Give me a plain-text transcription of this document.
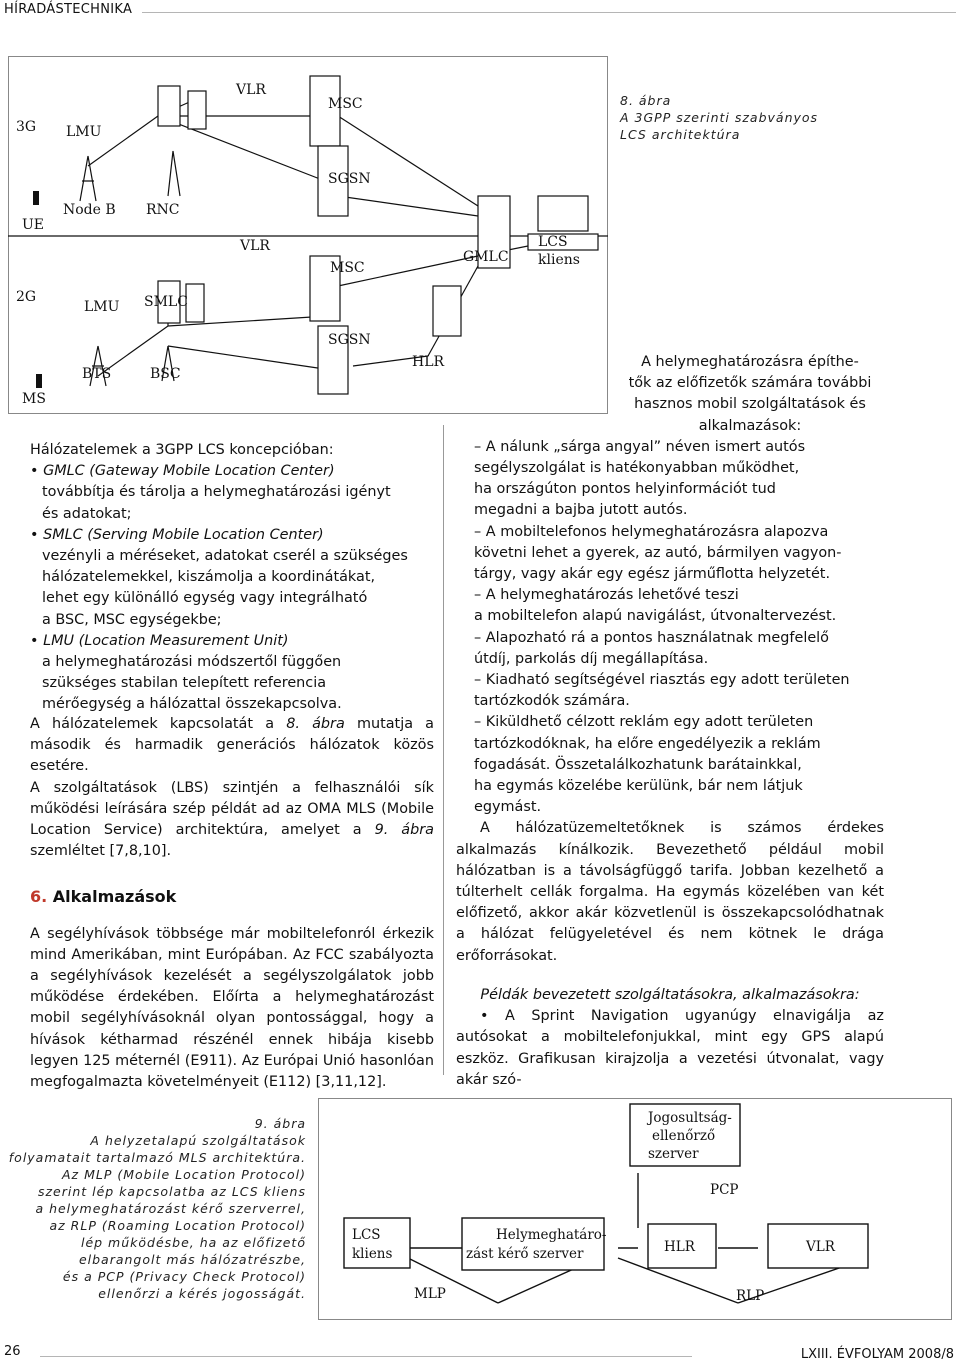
HÍRADÁSTECHNIKA
26	LXIII. ÉVFOLYAM 2008/8
3G LMU
UE
Node B RNC
VLR
MSC
SGSN
2G
LMU SMLC
BTS	BSC
MS
VLR
MSC
SGSN
HLR
GMLC
LCS
kliens
8. ábra
A 3GPP szerinti szabványos
LCS architektúra
Hálózatelemek a 3GPP LCS koncepcióban:
• GMLC (Gateway Mobile Location Center)
továbbítja és tárolja a helymeghatározási igényt
és adatokat;
• SMLC (Serving Mobile Location Center)
vezényli a méréseket, adatokat cserél a szükséges
hálózatelemekkel, kiszámolja a koordinátákat,
lehet egy különálló egység vagy integrálható
a BSC, MSC egységekbe;
• LMU (Location Measurement Unit)
a helymeghatározási módszertől függően
szükséges stabilan telepített referencia
mérőegység a hálózattal összekapcsolva.

A hálózatelemek kapcsolatát a 8. ábra mutatja a második és harmadik generációs hálózatok közös esetére.

A szolgáltatások (LBS) szintjén a felhasználói sík működési leírására szép példát ad az OMA MLS (Mobile Location Service) architektúra, amelyet a 9. ábra szemléltet [7,8,10].

6. Alkalmazások

A segélyhívások többsége már mobiltelefonról érkezik mind Amerikában, mint Európában. Az FCC szabályozta a segélyhívások kezelését a segélyszolgálatok jobb működése érdekében. Előírta a helymeghatározást mobil segélyhívásoknál olyan pontossággal, hogy a hívások kétharmad részénél ennek hibája kisebb legyen 125 méternél (E911). Az Európai Unió hasonlóan megfogalmazta követelményeit (E112) [3,11,12].

A helymeghatározásra építhe-
tők az előfizetők számára további
hasznos mobil szolgáltatások és
alkalmazások:
– A nálunk „sárga angyal” néven ismert autós
segélyszolgálat is hatékonyabban működhet,
ha országúton pontos helyinformációt tud
megadni a bajba jutott autós.
– A mobiltelefonos helymeghatározásra alapozva
követni lehet a gyerek, az autó, bármilyen vagyon-
tárgy, vagy akár egy egész járműflotta helyzetét.
– A helymeghatározás lehetővé teszi
a mobiltelefon alapú navigálást, útvonaltervezést.
– Alapozható rá a pontos használatnak megfelelő
útdíj, parkolás díj megállapítása.
– Kiadható segítségével riasztás egy adott területen
tartózkodók számára.
– Kiküldhető célzott reklám egy adott területen
tartózkodóknak, ha előre engedélyezik a reklám
fogadását. Összetalálkozhatunk barátainkkal,
ha egymás közelébe kerülünk, bár nem látjuk
egymást.

A hálózatüzemeltetőknek is számos érdekes alkalmazás kínálkozik. Bevezethető például mobil hálózatban is a távolságfüggő tarifa. Jobban kezelhető a túlterhelt cellák forgalma. Ha egymás közelében van két előfizető, akkor akár közvetlenül is összekapcsolódhatnak a hálózat felügyeletével és nem kötnek le drága erőforrásokat.

Példák bevezetett szolgáltatásokra, alkalmazásokra:

• A Sprint Navigation ugyanúgy elnavigálja az autósokat a mobiltelefonjukkal, mint egy GPS alapú eszköz. Grafikusan kirajzolja a vezetési útvonalat, vagy akár szó-

9. ábra
A helyzetalapú szolgáltatások
folyamatait tartalmazó MLS architektúra.
Az MLP (Mobile Location Protocol)
szerint lép kapcsolatba az LCS kliens
a helymeghatározást kérő szerverrel,
az RLP (Roaming Location Protocol)
lép működésbe, ha az előfizető
elbarangolt más hálózatrészbe,
és a PCP (Privacy Check Protocol)
ellenőrzi a kérés jogosságát.
Jogosultság-
ellenőrző
szerver
PCP
LCS
kliens
Helymeghatáro-
zást kérő szerver	HLR	VLR
MLP	RLP
